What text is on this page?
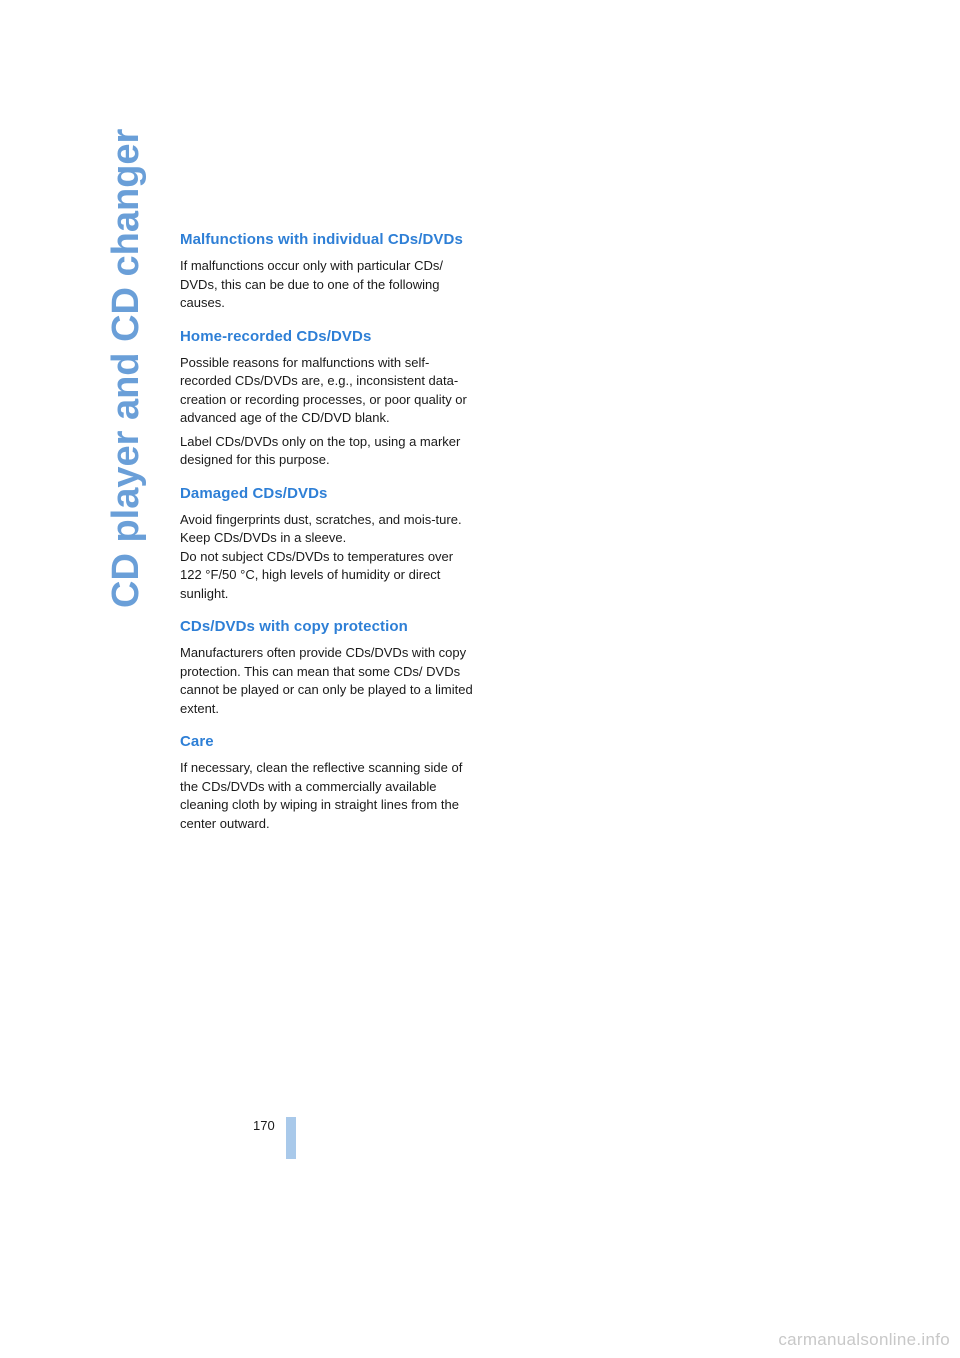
CD player and CD changer	Malfunctions with individual CDs/DVDs

If malfunctions occur only with particular CDs/ DVDs, this can be due to one of the following causes.

Home-recorded CDs/DVDs

Possible reasons for malfunctions with self-recorded CDs/DVDs are, e.g., inconsistent data-creation or recording processes, or poor quality or advanced age of the CD/DVD blank.

Label CDs/DVDs only on the top, using a marker designed for this purpose.

Damaged CDs/DVDs

Avoid fingerprints dust, scratches, and mois-ture.

Keep CDs/DVDs in a sleeve.

Do not subject CDs/DVDs to temperatures over 122 °F/50 °C, high levels of humidity or direct sunlight.

CDs/DVDs with copy protection

Manufacturers often provide CDs/DVDs with copy protection. This can mean that some CDs/ DVDs cannot be played or can only be played to a limited extent.

Care

If necessary, clean the reflective scanning side of the CDs/DVDs with a commercially available cleaning cloth by wiping in straight lines from the center outward.

170
carmanualsonline.info
